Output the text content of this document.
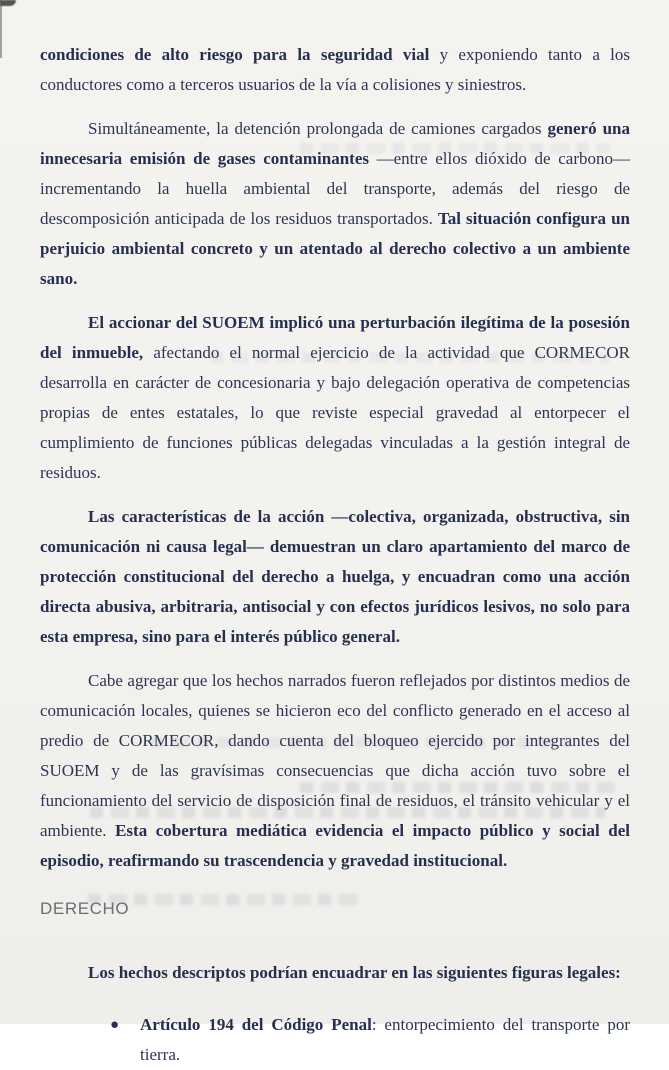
condiciones de alto riesgo para la seguridad vial y exponiendo tanto a los conductores como a terceros usuarios de la vía a colisiones y siniestros.

Simultáneamente, la detención prolongada de camiones cargados generó una innecesaria emisión de gases contaminantes —entre ellos dióxido de carbono— incrementando la huella ambiental del transporte, además del riesgo de descomposición anticipada de los residuos transportados. Tal situación configura un perjuicio ambiental concreto y un atentado al derecho colectivo a un ambiente sano.

El accionar del SUOEM implicó una perturbación ilegítima de la posesión del inmueble, afectando el normal ejercicio de la actividad que CORMECOR desarrolla en carácter de concesionaria y bajo delegación operativa de competencias propias de entes estatales, lo que reviste especial gravedad al entorpecer el cumplimiento de funciones públicas delegadas vinculadas a la gestión integral de residuos.

Las características de la acción —colectiva, organizada, obstructiva, sin comunicación ni causa legal— demuestran un claro apartamiento del marco de protección constitucional del derecho a huelga, y encuadran como una acción directa abusiva, arbitraria, antisocial y con efectos jurídicos lesivos, no solo para esta empresa, sino para el interés público general.

Cabe agregar que los hechos narrados fueron reflejados por distintos medios de comunicación locales, quienes se hicieron eco del conflicto generado en el acceso al predio de CORMECOR, dando cuenta del bloqueo ejercido por integrantes del SUOEM y de las gravísimas consecuencias que dicha acción tuvo sobre el funcionamiento del servicio de disposición final de residuos, el tránsito vehicular y el ambiente. Esta cobertura mediática evidencia el impacto público y social del episodio, reafirmando su trascendencia y gravedad institucional.

DERECHO

Los hechos descriptos podrían encuadrar en las siguientes figuras legales:

● Artículo 194 del Código Penal: entorpecimiento del transporte por tierra.
